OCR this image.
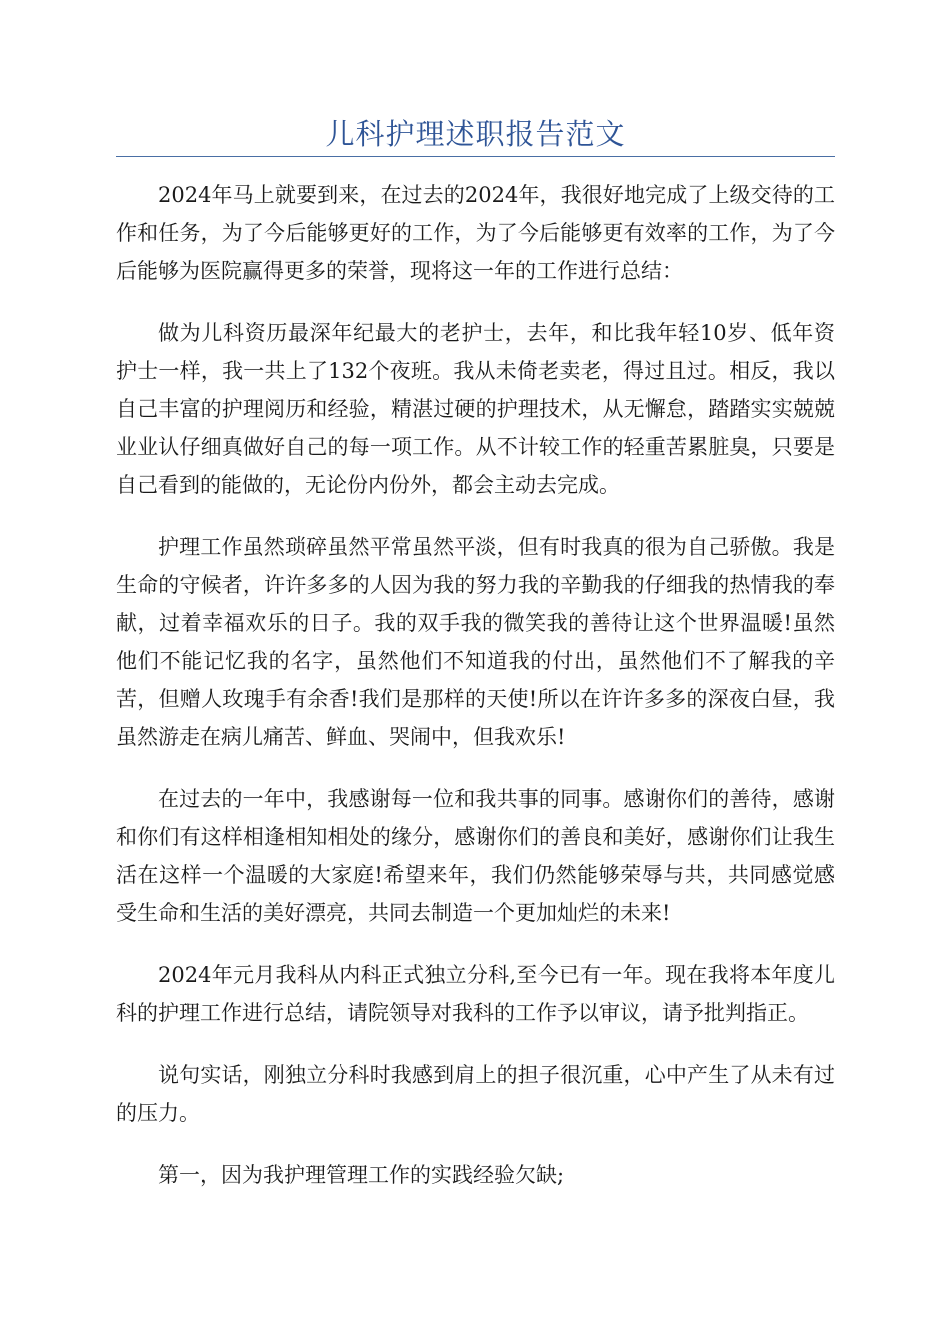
儿科护理述职报告范文

2024年马上就要到来，在过去的2024年，我很好地完成了上级交待的工作和任务，为了今后能够更好的工作，为了今后能够更有效率的工作，为了今后能够为医院赢得更多的荣誉，现将这一年的工作进行总结：

做为儿科资历最深年纪最大的老护士，去年，和比我年轻10岁、低年资护士一样，我一共上了132个夜班。我从未倚老卖老，得过且过。相反，我以自己丰富的护理阅历和经验，精湛过硬的护理技术，从无懈怠，踏踏实实兢兢业业认仔细真做好自己的每一项工作。从不计较工作的轻重苦累脏臭，只要是自己看到的能做的，无论份内份外，都会主动去完成。

护理工作虽然琐碎虽然平常虽然平淡，但有时我真的很为自己骄傲。我是生命的守候者，许许多多的人因为我的努力我的辛勤我的仔细我的热情我的奉献，过着幸福欢乐的日子。我的双手我的微笑我的善待让这个世界温暖!虽然他们不能记忆我的名字，虽然他们不知道我的付出，虽然他们不了解我的辛苦，但赠人玫瑰手有余香!我们是那样的天使!所以在许许多多的深夜白昼，我虽然游走在病儿痛苦、鲜血、哭闹中，但我欢乐!

在过去的一年中，我感谢每一位和我共事的同事。感谢你们的善待，感谢和你们有这样相逢相知相处的缘分，感谢你们的善良和美好，感谢你们让我生活在这样一个温暖的大家庭!希望来年，我们仍然能够荣辱与共，共同感觉感受生命和生活的美好漂亮，共同去制造一个更加灿烂的未来!

2024年元月我科从内科正式独立分科,至今已有一年。现在我将本年度儿科的护理工作进行总结，请院领导对我科的工作予以审议，请予批判指正。

说句实话，刚独立分科时我感到肩上的担子很沉重，心中产生了从未有过的压力。

第一，因为我护理管理工作的实践经验欠缺;
